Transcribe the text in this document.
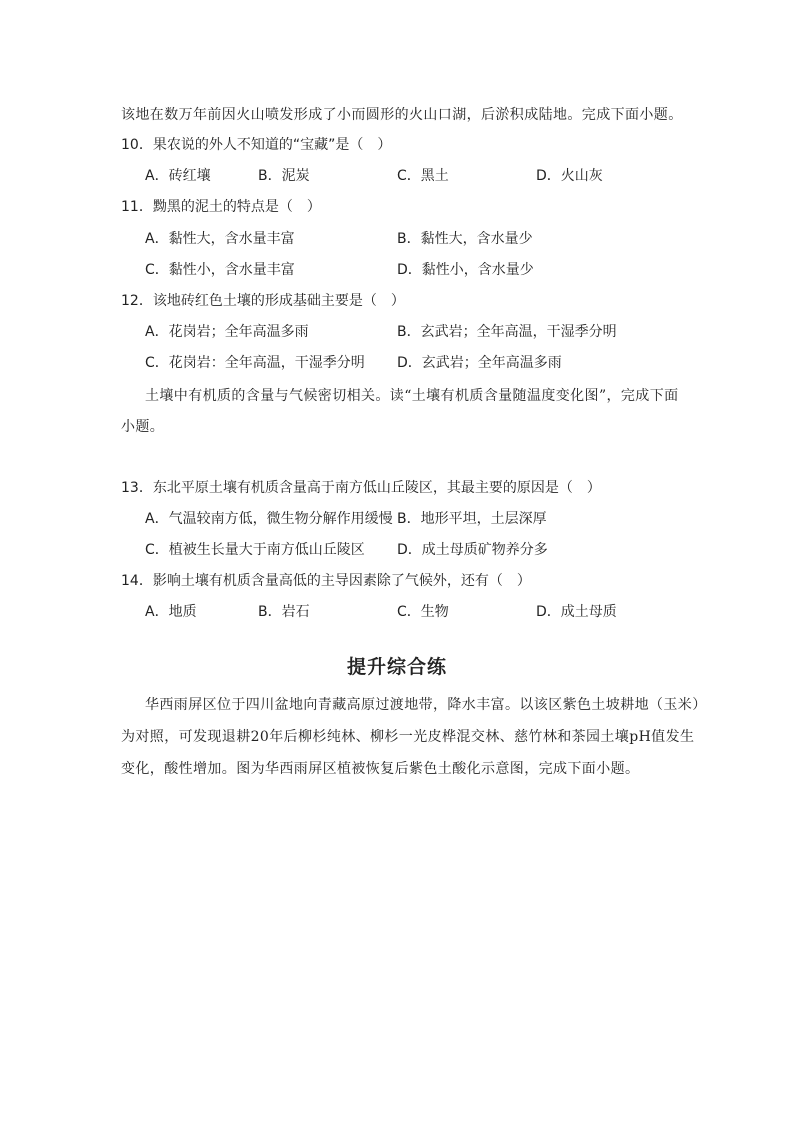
该地在数万年前因火山喷发形成了小而圆形的火山口湖，后淤积成陆地。完成下面小题。
10．果农说的外人不知道的“宝藏”是（　）
A．砖红壤	B．泥炭	C．黑土	D．火山灰
11．黝黑的泥土的特点是（　）
A．黏性大，含水量丰富	B．黏性大，含水量少
C．黏性小，含水量丰富	D．黏性小，含水量少
12．该地砖红色土壤的形成基础主要是（　）
A．花岗岩；全年高温多雨	B．玄武岩；全年高温，干湿季分明
C．花岗岩：全年高温，干湿季分明 D．玄武岩；全年高温多雨
土壤中有机质的含量与气候密切相关。读“土壤有机质含量随温度变化图”，完成下面
小题。
13．东北平原土壤有机质含量高于南方低山丘陵区，其最主要的原因是（　）
A．气温较南方低，微生物分解作用缓慢 B．地形平坦，土层深厚
C．植被生长量大于南方低山丘陵区 D．成土母质矿物养分多
14．影响土壤有机质含量高低的主导因素除了气候外，还有（　）
A．地质	B．岩石	C．生物	D．成土母质
提升综合练
华西雨屏区位于四川盆地向青藏高原过渡地带，降水丰富。以该区紫色土坡耕地（玉米）
为对照，可发现退耕20年后柳杉纯林、柳杉一光皮桦混交林、慈竹林和茶园土壤pH值发生
变化，酸性增加。图为华西雨屏区植被恢复后紫色土酸化示意图，完成下面小题。
